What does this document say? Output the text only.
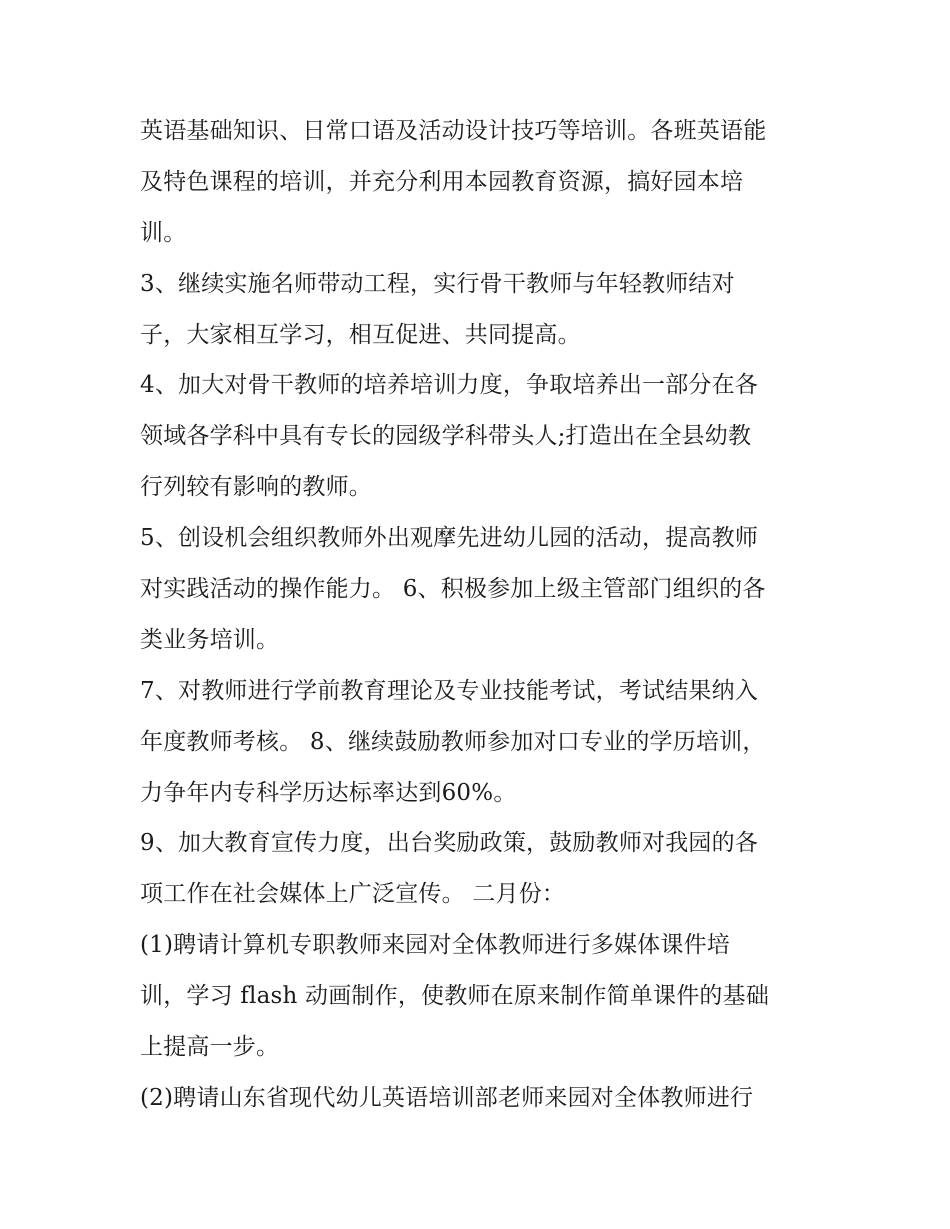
英语基础知识、日常口语及活动设计技巧等培训。各班英语能
及特色课程的培训，并充分利用本园教育资源，搞好园本培
训。
3、继续实施名师带动工程，实行骨干教师与年轻教师结对
子，大家相互学习，相互促进、共同提高。
4、加大对骨干教师的培养培训力度，争取培养出一部分在各
领域各学科中具有专长的园级学科带头人;打造出在全县幼教
行列较有影响的教师。
5、创设机会组织教师外出观摩先进幼儿园的活动，提高教师
对实践活动的操作能力。 6、积极参加上级主管部门组织的各
类业务培训。
7、对教师进行学前教育理论及专业技能考试，考试结果纳入
年度教师考核。 8、继续鼓励教师参加对口专业的学历培训，
力争年内专科学历达标率达到60%。
9、加大教育宣传力度，出台奖励政策，鼓励教师对我园的各
项工作在社会媒体上广泛宣传。 二月份：
(1)聘请计算机专职教师来园对全体教师进行多媒体课件培
训，学习 flash 动画制作，使教师在原来制作简单课件的基础
上提高一步。
(2)聘请山东省现代幼儿英语培训部老师来园对全体教师进行
